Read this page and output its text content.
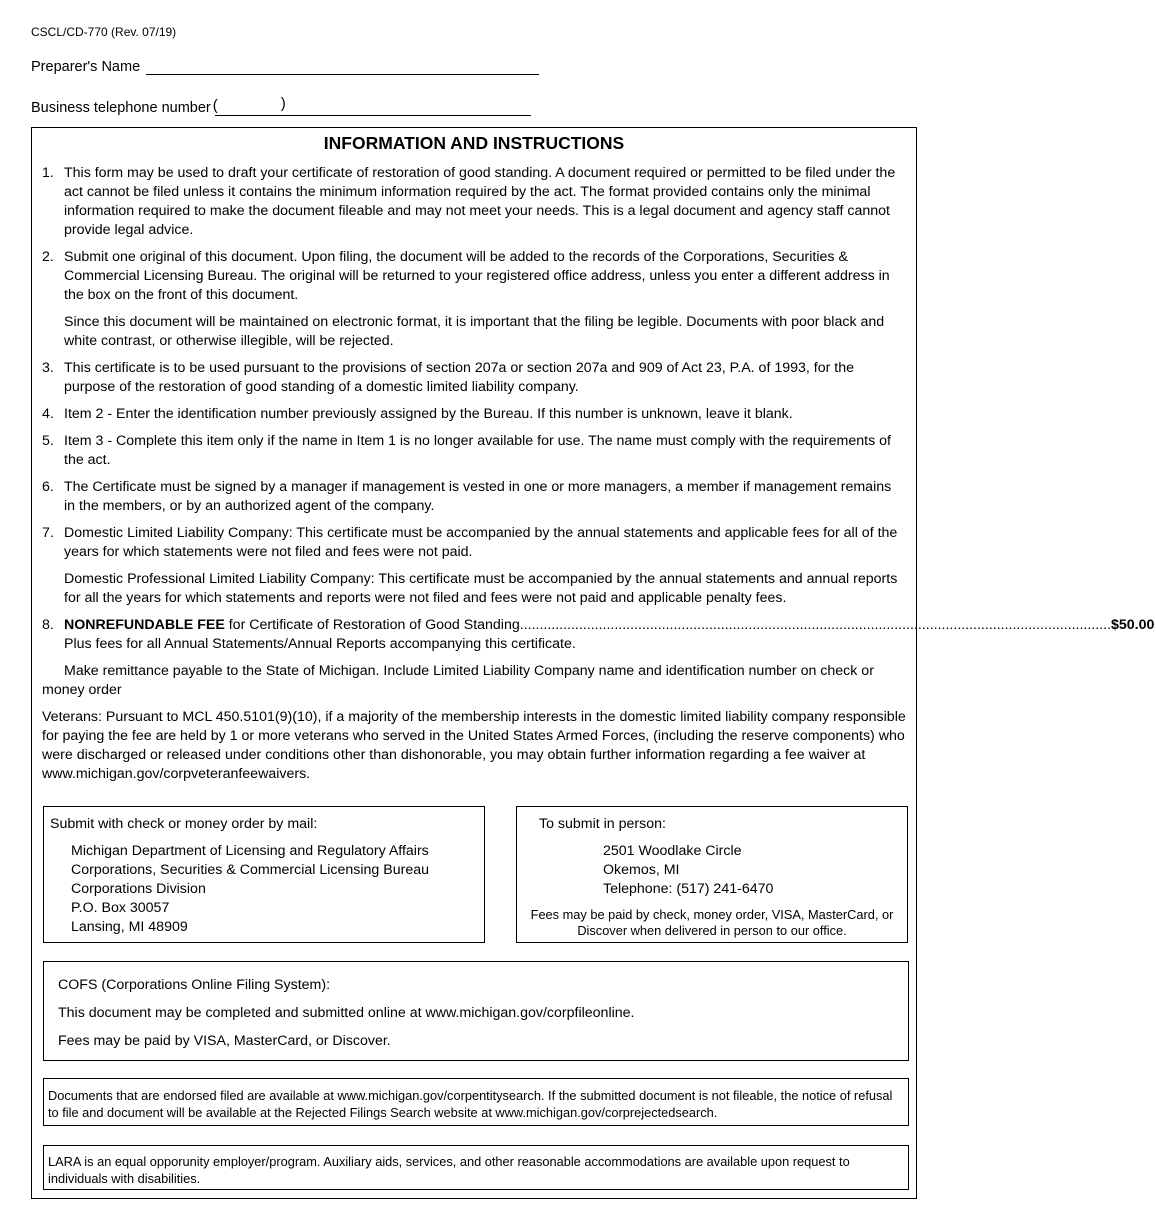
CSCL/CD-770 (Rev. 07/19)
Preparer's Name
Business telephone number (	)
INFORMATION AND INSTRUCTIONS
1. This form may be used to draft your certificate of restoration of good standing. A document required or permitted to be filed under the act cannot be filed unless it contains the minimum information required by the act. The format provided contains only the minimal information required to make the document fileable and may not meet your needs. This is a legal document and agency staff cannot provide legal advice.
2. Submit one original of this document. Upon filing, the document will be added to the records of the Corporations, Securities & Commercial Licensing Bureau. The original will be returned to your registered office address, unless you enter a different address in the box on the front of this document.
Since this document will be maintained on electronic format, it is important that the filing be legible. Documents with poor black and white contrast, or otherwise illegible, will be rejected.
3. This certificate is to be used pursuant to the provisions of section 207a or section 207a and 909 of Act 23, P.A. of 1993, for the purpose of the restoration of good standing of a domestic limited liability company.
4. Item 2 - Enter the identification number previously assigned by the Bureau. If this number is unknown, leave it blank.
5. Item 3 - Complete this item only if the name in Item 1 is no longer available for use. The name must comply with the requirements of the act.
6. The Certificate must be signed by a manager if management is vested in one or more managers, a member if management remains in the members, or by an authorized agent of the company.
7. Domestic Limited Liability Company: This certificate must be accompanied by the annual statements and applicable fees for all of the years for which statements were not filed and fees were not paid.
Domestic Professional Limited Liability Company: This certificate must be accompanied by the annual statements and annual reports for all the years for which statements and reports were not filed and fees were not paid and applicable penalty fees.
8. NONREFUNDABLE FEE for Certificate of Restoration of Good Standing ...................................................................................................................................................... $50.00
Plus fees for all Annual Statements/Annual Reports accompanying this certificate.
Make remittance payable to the State of Michigan. Include Limited Liability Company name and identification number on check or money order
Veterans: Pursuant to MCL 450.5101(9)(10), if a majority of the membership interests in the domestic limited liability company responsible for paying the fee are held by 1 or more veterans who served in the United States Armed Forces, (including the reserve components) who were discharged or released under conditions other than dishonorable, you may obtain further information regarding a fee waiver at www.michigan.gov/corpveteranfeewaivers.
Submit with check or money order by mail:
Michigan Department of Licensing and Regulatory Affairs
Corporations, Securities & Commercial Licensing Bureau
Corporations Division
P.O. Box 30057
Lansing, MI 48909
To submit in person:
2501 Woodlake Circle
Okemos, MI
Telephone: (517) 241-6470
Fees may be paid by check, money order, VISA, MasterCard, or Discover when delivered in person to our office.
COFS (Corporations Online Filing System):
This document may be completed and submitted online at www.michigan.gov/corpfileonline.
Fees may be paid by VISA, MasterCard, or Discover.
Documents that are endorsed filed are available at www.michigan.gov/corpentitysearch. If the submitted document is not fileable, the notice of refusal to file and document will be available at the Rejected Filings Search website at www.michigan.gov/corprejectedsearch.
LARA is an equal opporunity employer/program. Auxiliary aids, services, and other reasonable accommodations are available upon request to individuals with disabilities.
